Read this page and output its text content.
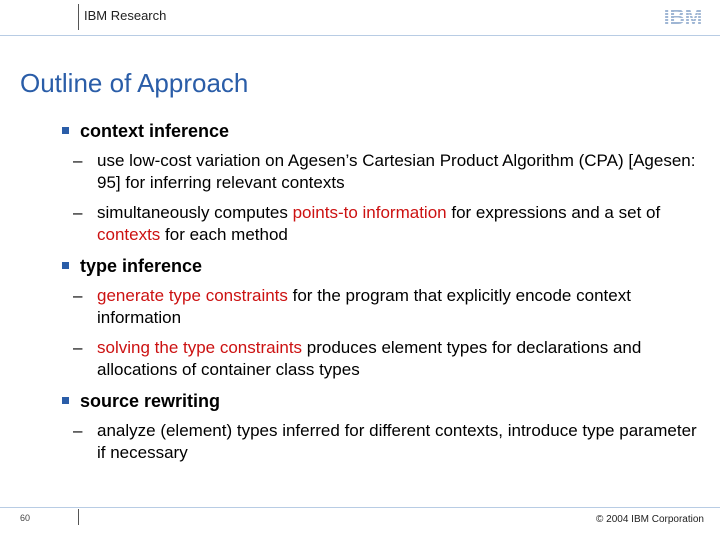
IBM Research	IBM
Outline of Approach
context inference
– use low-cost variation on Agesen’s Cartesian Product Algorithm (CPA) [Agesen: 95] for inferring relevant contexts
– simultaneously computes points-to information for expressions and a set of contexts for each method
type inference
– generate type constraints for the program that explicitly encode context information
– solving the type constraints produces element types for declarations and allocations of container class types
source rewriting
– analyze (element) types inferred for different contexts, introduce type parameter if necessary
60	© 2004 IBM Corporation
